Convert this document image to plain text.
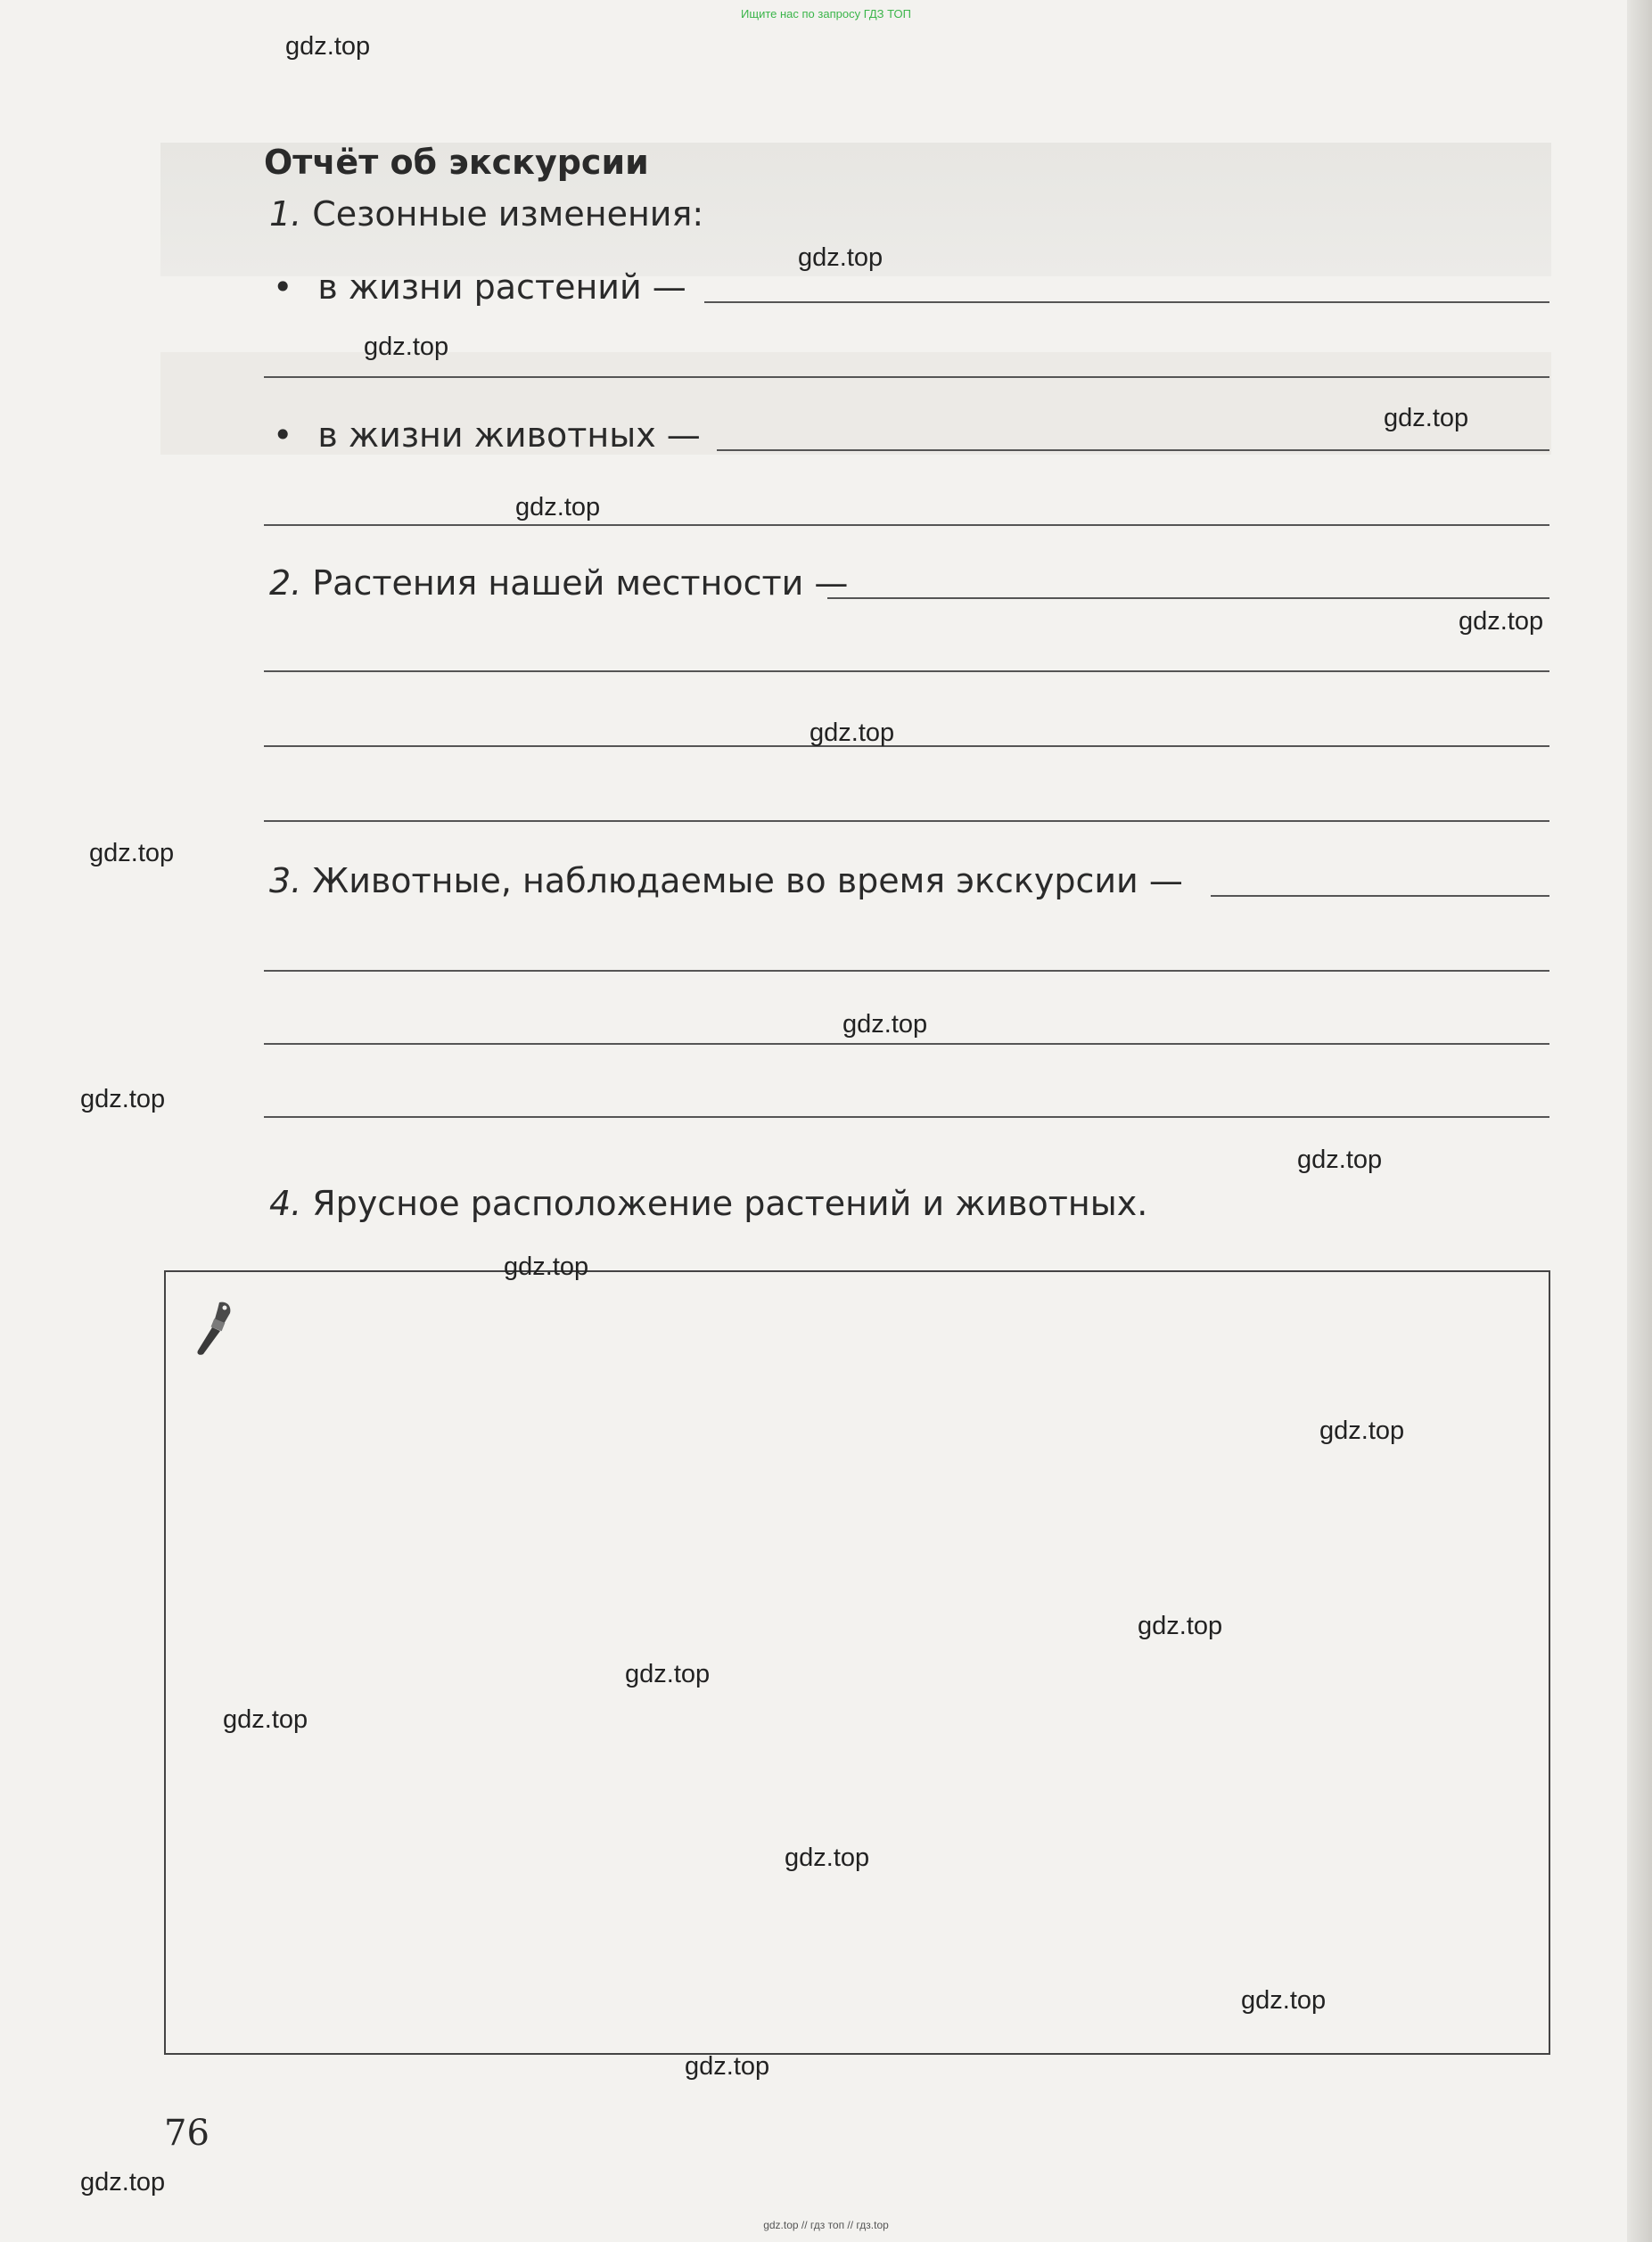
Ищите нас по запросу ГДЗ ТОП
Отчёт об экскурсии
1. Сезонные изменения:
• в жизни растений —
• в жизни животных —
2. Растения нашей местности —
3. Животные, наблюдаемые во время экскурсии —
4. Ярусное расположение растений и животных.
76
gdz.top
gdz.top
gdz.top
gdz.top
gdz.top
gdz.top
gdz.top
gdz.top
gdz.top
gdz.top
gdz.top
gdz.top
gdz.top
gdz.top
gdz.top
gdz.top
gdz.top
gdz.top
gdz.top
gdz.top
gdz.top // гдз топ // гдз.top
